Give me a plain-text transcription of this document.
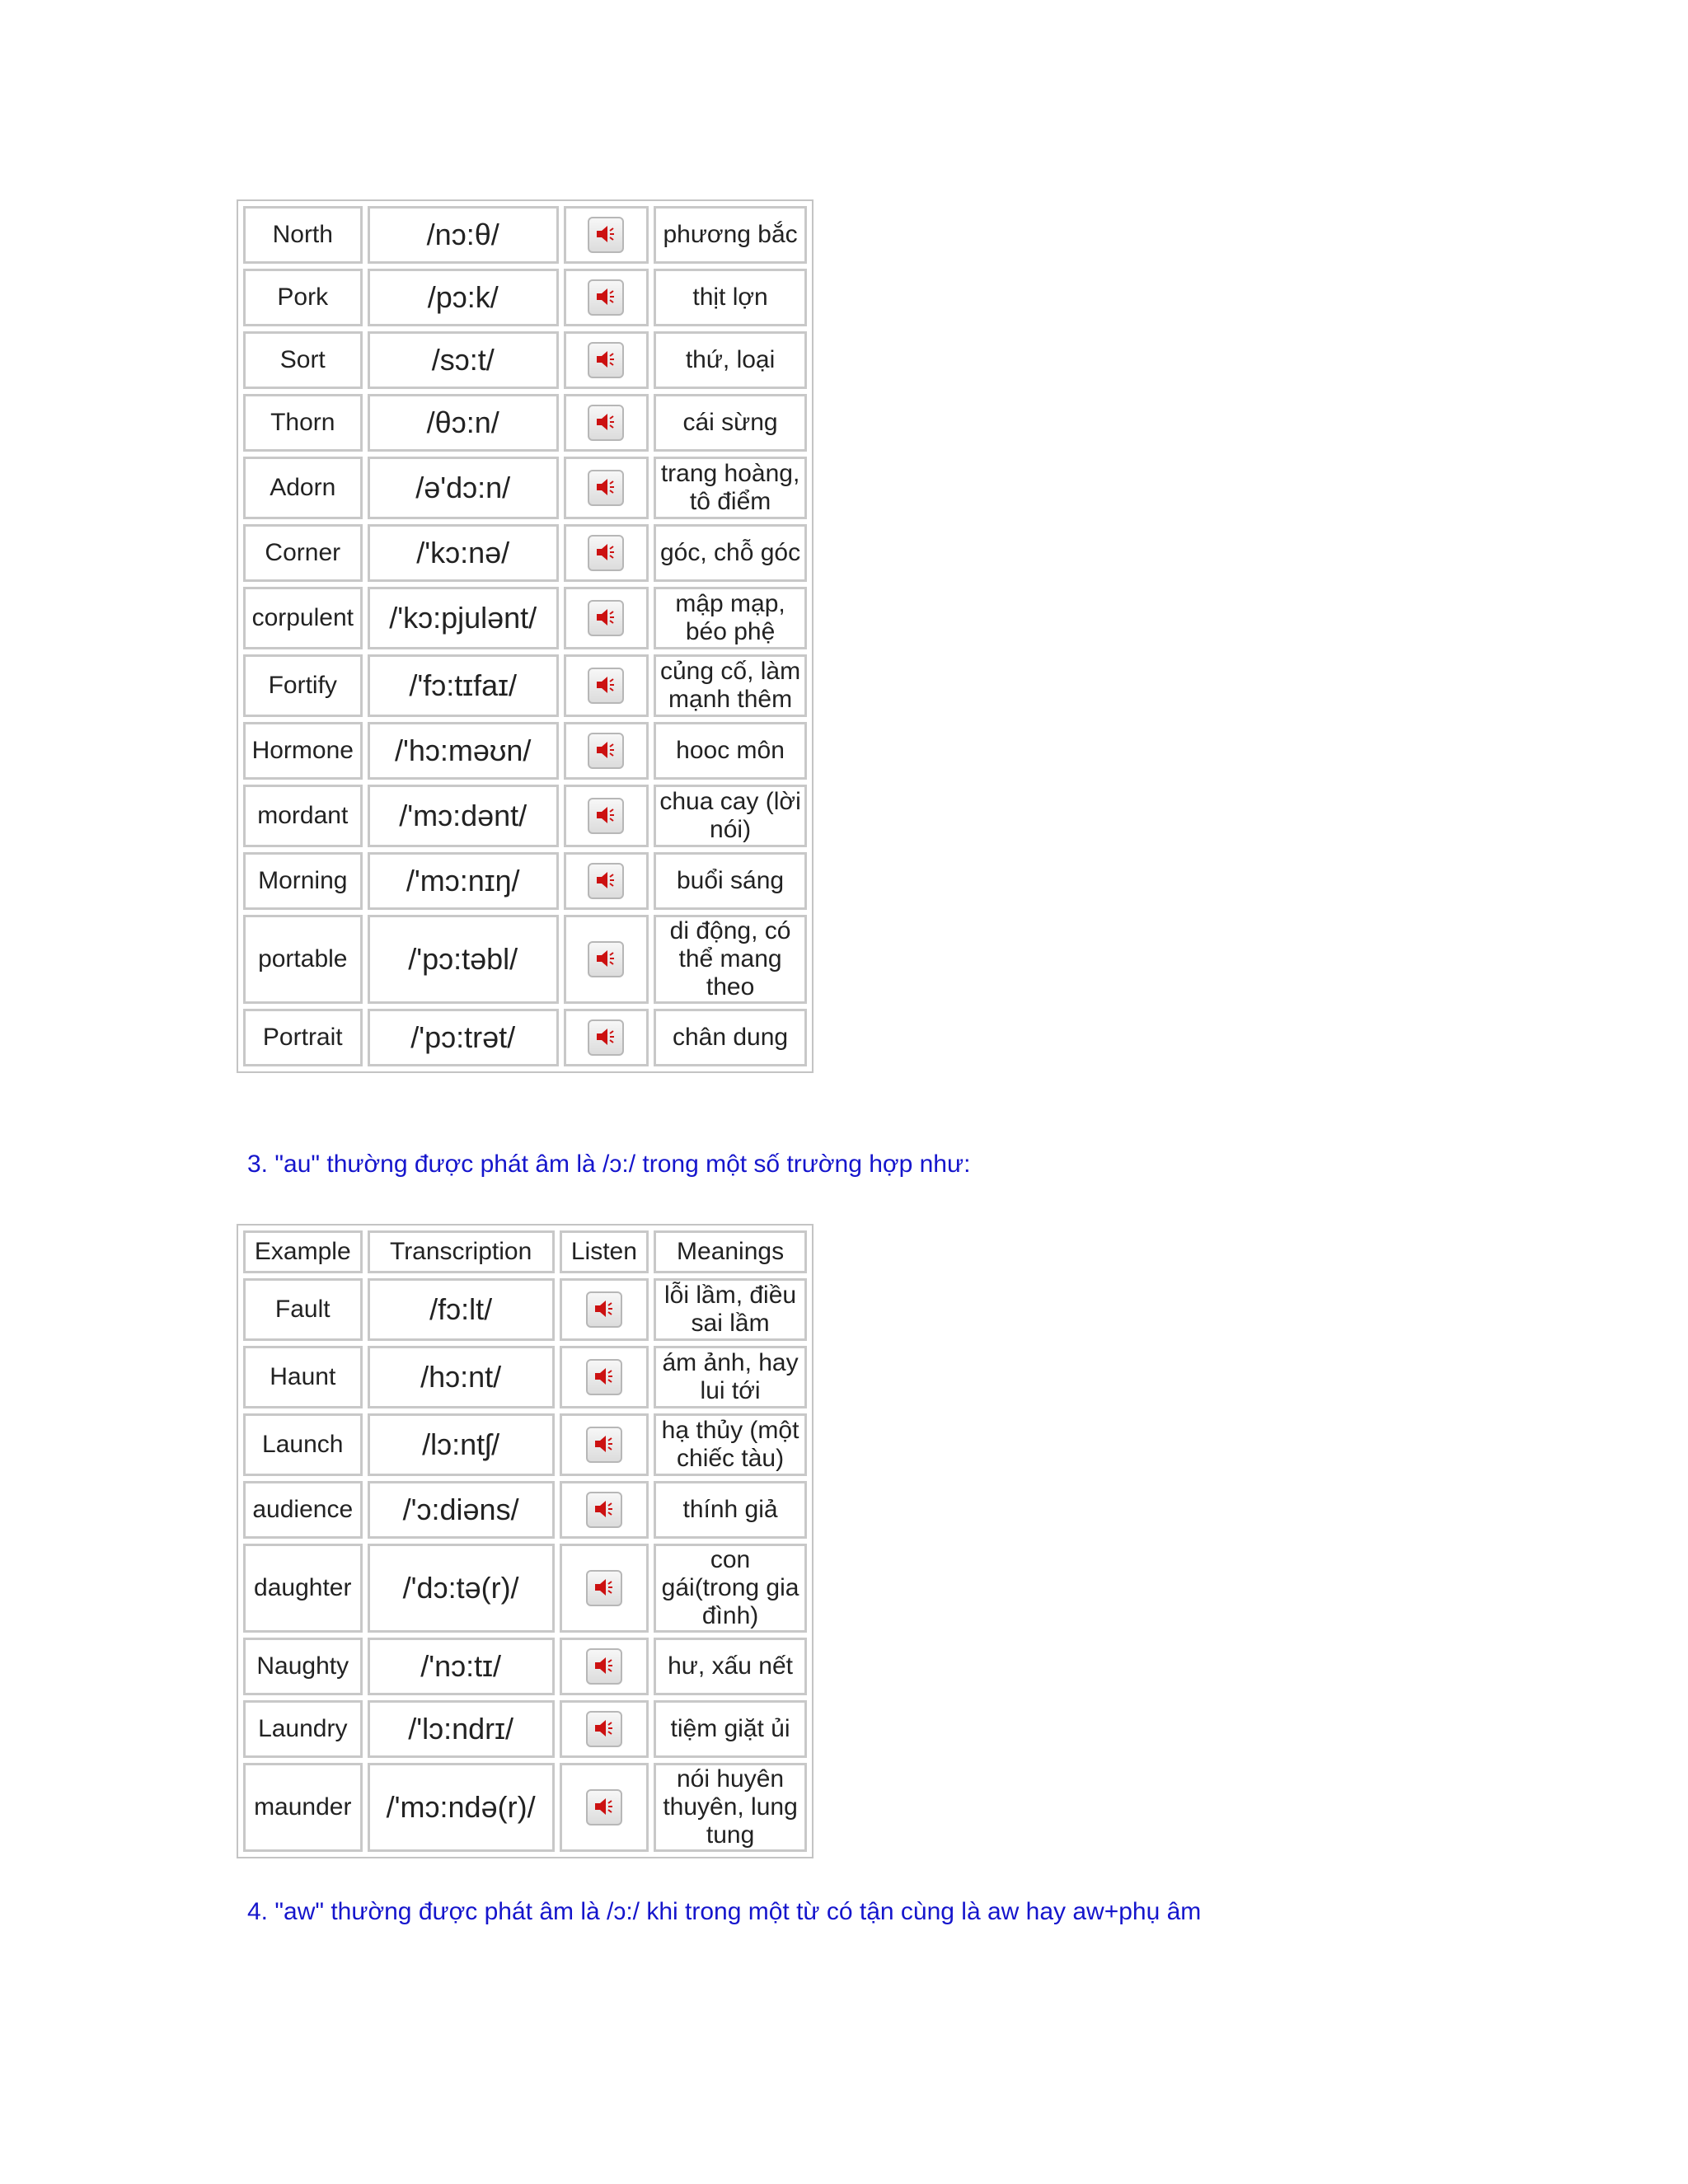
North	/nɔ:θ/		phương bắc
Pork	/pɔ:k/		thịt lợn
Sort	/sɔ:t/		thứ, loại
Thorn	/θɔ:n/		cái sừng
Adorn	/ə'dɔ:n/		trang hoàng, tô điểm
Corner	/'kɔ:nə/		góc, chỗ góc
corpulent	/'kɔ:pjulənt/		mập mạp, béo phệ
Fortify	/'fɔ:tɪfaɪ/		củng cố, làm mạnh thêm
Hormone	/'hɔ:məʊn/		hooc môn
mordant	/'mɔ:dənt/		chua cay (lời nói)
Morning	/'mɔ:nɪŋ/		buổi sáng
portable	/'pɔ:təbl/		di động, có thể mang theo
Portrait	/'pɔ:trət/		chân dung

3. "au" thường được phát âm là /ɔ:/ trong một số trường hợp như:

Example	Transcription	Listen	Meanings
Fault	/fɔ:lt/		lỗi lầm, điều sai lầm
Haunt	/hɔ:nt/		ám ảnh, hay lui tới
Launch	/lɔ:ntʃ/		hạ thủy (một chiếc tàu)
audience	/'ɔ:diəns/		thính giả
daughter	/'dɔ:tə(r)/		con gái(trong gia đình)
Naughty	/'nɔ:tɪ/		hư, xấu nết
Laundry	/'lɔ:ndrɪ/		tiệm giặt ủi
maunder	/'mɔ:ndə(r)/		nói huyên thuyên, lung tung

4. "aw" thường được phát âm là /ɔ:/ khi trong một từ có tận cùng là aw hay aw+phụ âm
